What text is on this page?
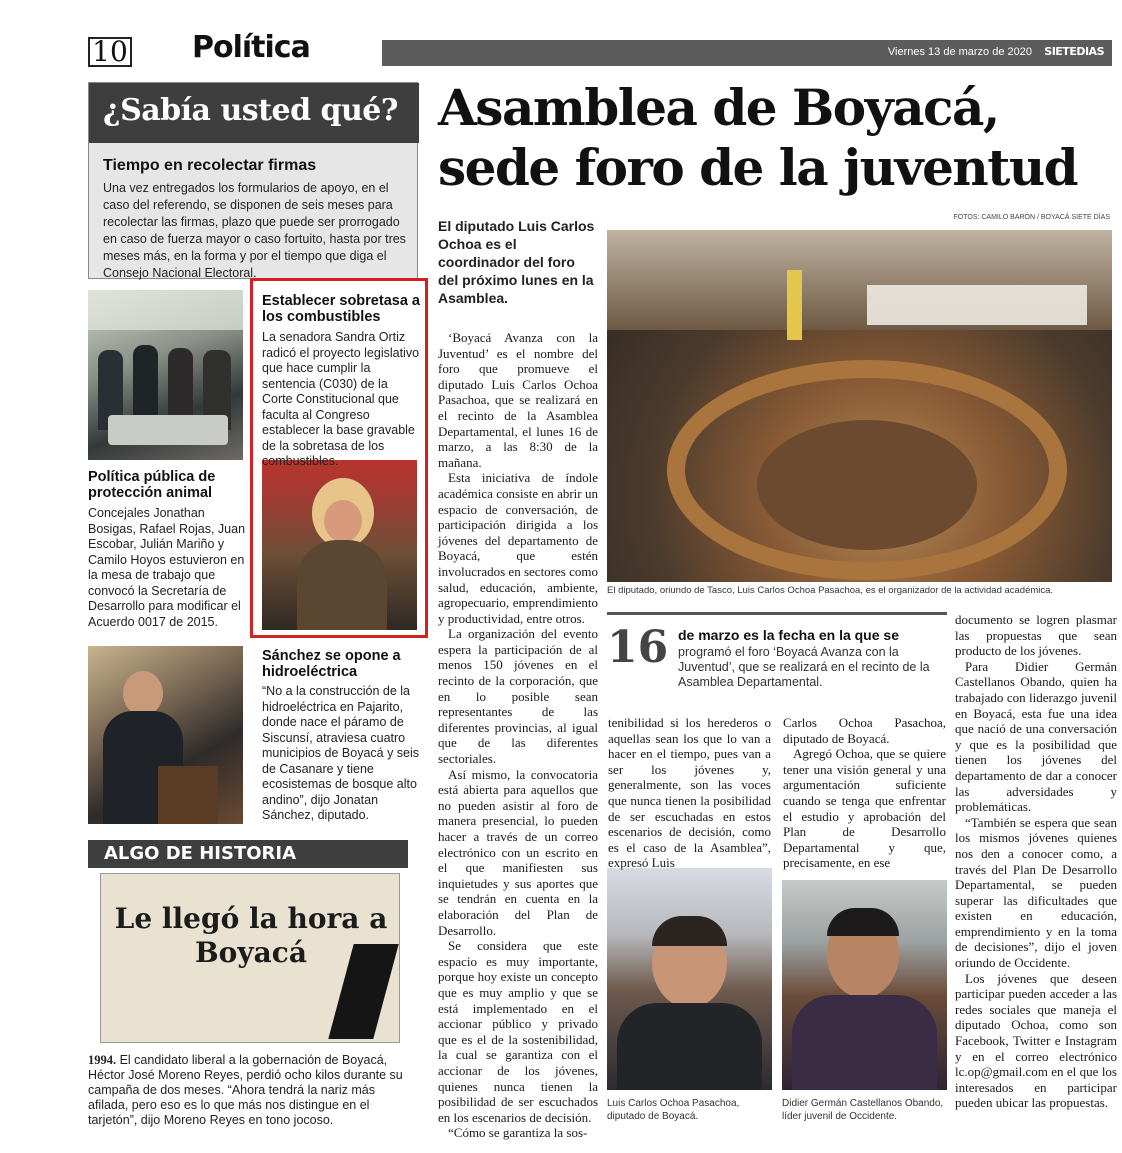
10 Política	Viernes 13 de marzo de 2020 SIETEDIAS
¿Sabía usted qué?
Tiempo en recolectar firmas
Una vez entregados los formularios de apoyo, en el caso del referendo, se disponen de seis meses para recolectar las firmas, plazo que puede ser prorrogado en caso de fuerza mayor o caso fortuito, hasta por tres meses más, en la forma y por el tiempo que diga el Consejo Nacional Electoral.
Asamblea de Boyacá,
sede foro de la juventud
FOTOS: CAMILO BARÓN / BOYACÁ SIETE DÍAS
El diputado Luis Carlos Ochoa es el coordinador del foro del próximo lunes en la Asamblea.
Establecer sobretasa a los combustibles
La senadora Sandra Ortiz radicó el proyecto legislativo que hace cumplir la sentencia (C030) de la Corte Constitucional que faculta al Congreso establecer la base gravable de la sobretasa de los combustibles.
Política pública de protección animal
Concejales Jonathan Bosigas, Rafael Rojas, Juan Escobar, Julián Mariño y Camilo Hoyos estuvieron en la mesa de trabajo que convocó la Secretaría de Desarrollo para modificar el Acuerdo 0017 de 2015.
Sánchez se opone a hidroeléctrica
“No a la construcción de la hidroeléctrica en Pajarito, donde nace el páramo de Siscunsí, atraviesa cuatro municipios de Boyacá y seis de Casanare y tiene ecosistemas de bosque alto andino”, dijo Jonatan Sánchez, diputado.
ALGO DE HISTORIA
Le llegó la hora a Boyacá
1994. El candidato liberal a la gobernación de Boyacá, Héctor José Moreno Reyes, perdió ocho kilos durante su campaña de dos meses. “Ahora tendrá la nariz más afilada, pero eso es lo que más nos distingue en el tarjetón”, dijo Moreno Reyes en tono jocoso.

‘Boyacá Avanza con la Juventud’ es el nombre del foro que promueve el diputado Luis Carlos Ochoa Pasachoa, que se realizará en el recinto de la Asamblea Departamental, el lunes 16 de marzo, a las 8:30 de la mañana.

Esta iniciativa de índole académica consiste en abrir un espacio de conversación, de participación dirigida a los jóvenes del departamento de Boyacá, que estén involucrados en sectores como salud, educación, ambiente, agropecuario, emprendimiento y productividad, entre otros.

La organización del evento espera la participación de al menos 150 jóvenes en el recinto de la corporación, que en lo posible sean representantes de las diferentes provincias, al igual que de las diferentes sectoriales.

Así mismo, la convocatoria está abierta para aquellos que no pueden asistir al foro de manera presencial, lo pueden hacer a través de un correo electrónico con un escrito en el que manifiesten sus inquietudes y sus aportes que se tendrán en cuenta en la elaboración del Plan de Desarrollo.

Se considera que este espacio es muy importante, porque hoy existe un concepto que es muy amplio y que se está implementado en el accionar público y privado que es el de la sostenibilidad, la cual se garantiza con el accionar de los jóvenes, quienes nunca tienen la posibilidad de ser escuchados en los escenarios de decisión.

“Cómo se garantiza la sos-

El diputado, oriundo de Tasco, Luis Carlos Ochoa Pasachoa, es el organizador de la actividad académica.
16 de marzo es la fecha en la que se
programó el foro ‘Boyacá Avanza con la Juventud’, que se realizará en el recinto de la Asamblea Departamental.

tenibilidad si los herederos o aquellas sean los que lo van a hacer en el tiempo, pues van a ser los jóvenes y, generalmente, son las voces que nunca tienen la posibilidad de ser escuchadas en estos escenarios de decisión, como es el caso de la Asamblea”, expresó Luis

Carlos Ochoa Pasachoa, diputado de Boyacá.

Agregó Ochoa, que se quiere tener una visión general y una argumentación suficiente cuando se tenga que enfrentar el estudio y aprobación del Plan de Desarrollo Departamental y que, precisamente, en ese

documento se logren plasmar las propuestas que sean producto de los jóvenes.

Para Didier Germán Castellanos Obando, quien ha trabajado con liderazgo juvenil en Boyacá, esta fue una idea que nació de una conversación y que es la posibilidad que tienen los jóvenes del departamento de dar a conocer las adversidades y problemáticas.

“También se espera que sean los mismos jóvenes quienes nos den a conocer como, a través del Plan De Desarrollo Departamental, se pueden superar las dificultades que existen en educación, emprendimiento y en la toma de decisiones”, dijo el joven oriundo de Occidente.

Los jóvenes que deseen participar pueden acceder a las redes sociales que maneja el diputado Ochoa, como son Facebook, Twitter e Instagram y en el correo electrónico lc.op@gmail.com en el que los interesados en participar pueden ubicar las propuestas.

Luis Carlos Ochoa Pasachoa, diputado de Boyacá.
Didier Germán Castellanos Obando, líder juvenil de Occidente.
